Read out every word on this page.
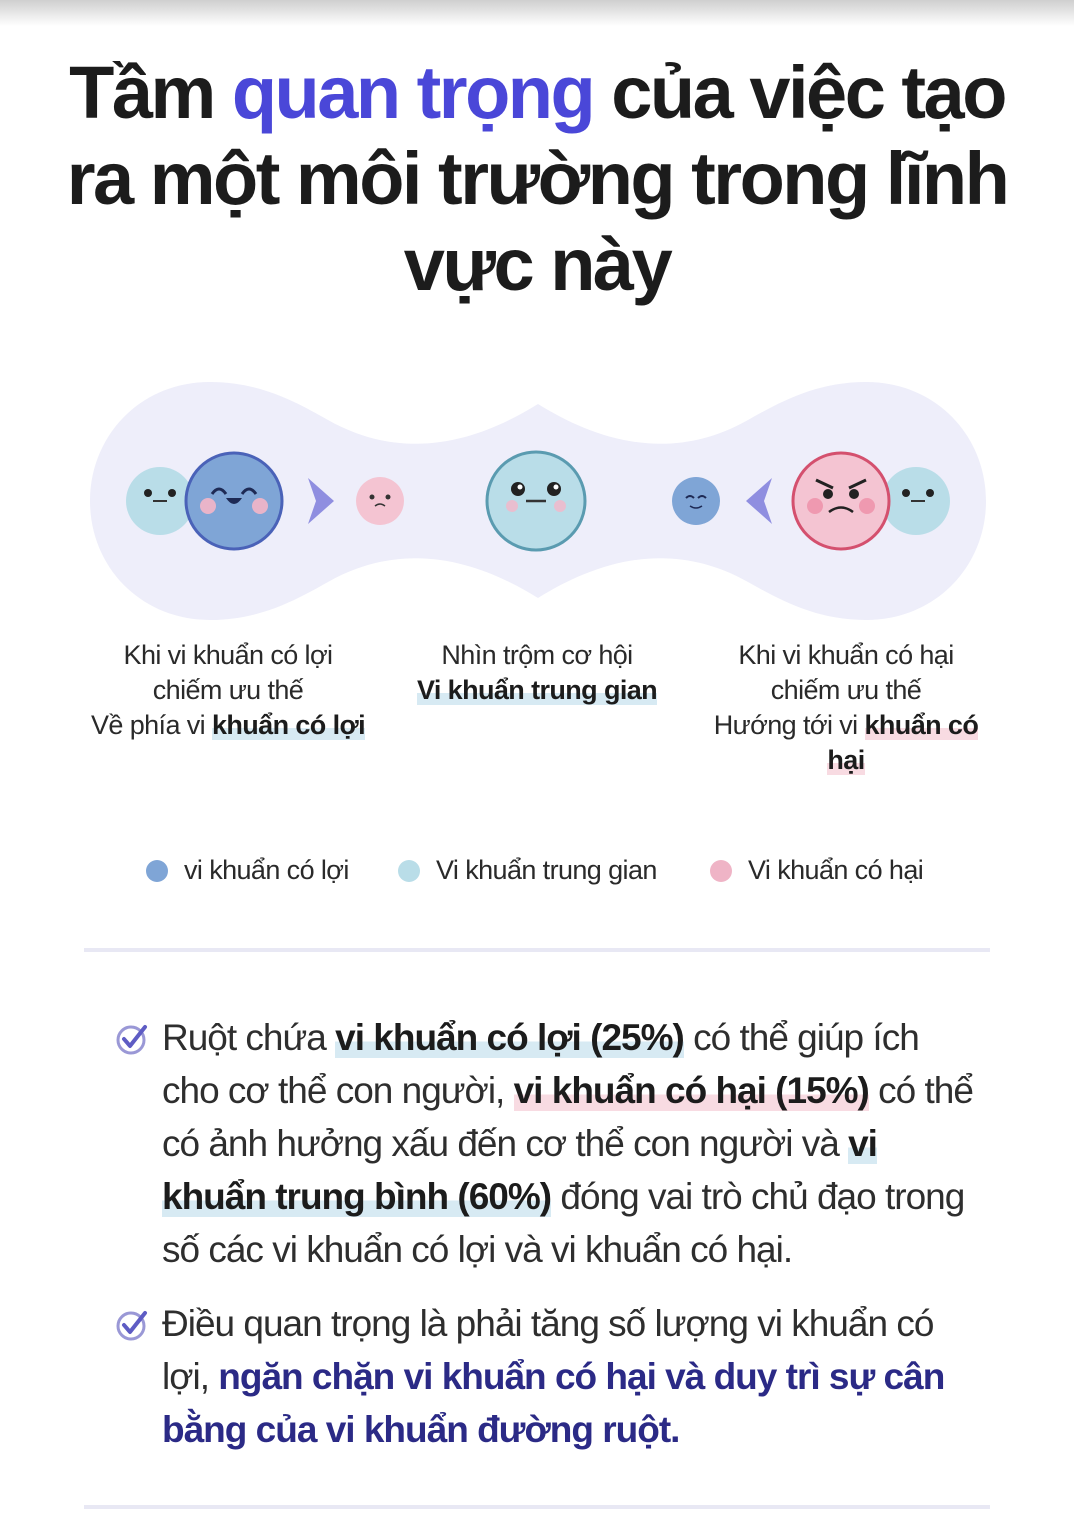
Tầm quan trọng của việc tạo ra một môi trường trong lĩnh vực này
Khi vi khuẩn có lợi
chiếm ưu thế
Về phía vi khuẩn có lợi
Nhìn trộm cơ hội
Vi khuẩn trung gian
Khi vi khuẩn có hại
chiếm ưu thế
Hướng tới vi khuẩn có hại
vi khuẩn có lợi	Vi khuẩn trung gian	Vi khuẩn có hại

Ruột chứa vi khuẩn có lợi (25%) có thể giúp ích cho cơ thể con người, vi khuẩn có hại (15%) có thể có ảnh hưởng xấu đến cơ thể con người và vi khuẩn trung bình (60%) đóng vai trò chủ đạo trong số các vi khuẩn có lợi và vi khuẩn có hại.

Điều quan trọng là phải tăng số lượng vi khuẩn có lợi, ngăn chặn vi khuẩn có hại và duy trì sự cân bằng của vi khuẩn đường ruột.
